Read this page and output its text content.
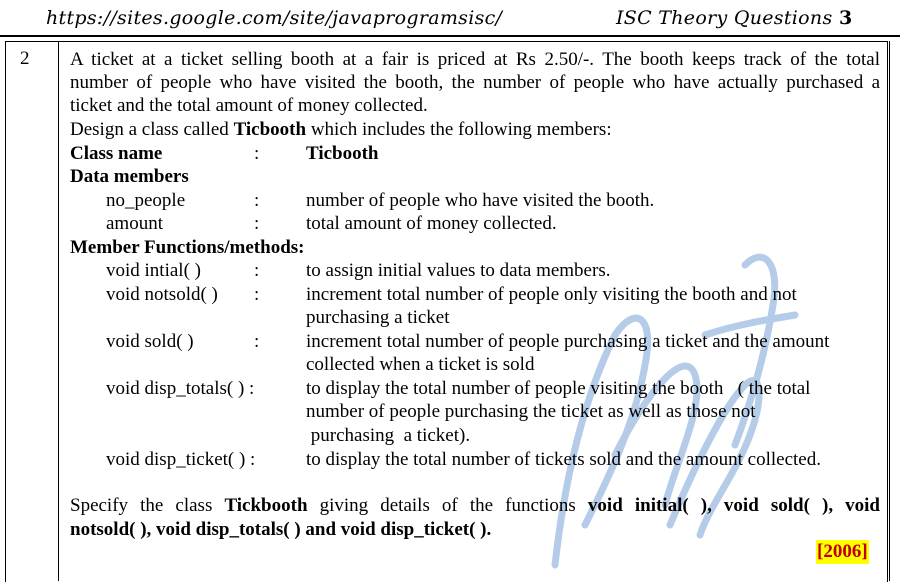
https://sites.google.com/site/javaprogramsisc/	ISC Theory Questions 3
2 A ticket at a ticket selling booth at a fair is priced at Rs 2.50/-. The booth keeps track of the total
number of people who have visited the booth, the number of people who have actually purchased a
ticket and the total amount of money collected.
Design a class called Ticbooth which includes the following members:
Class name	: Ticbooth
Data members
no_people	: number of people who have visited the booth.
amount	: total amount of money collected.
Member Functions/methods:
void intial( )	: to assign initial values to data members.
void notsold( ) : increment total number of people only visiting the booth and not
purchasing a ticket
void sold( )	: increment total number of people purchasing a ticket and the amount
collected when a ticket is sold
void disp_totals( ) :	to display the total number of people visiting the booth   ( the total
number of people purchasing the ticket as well as those not
purchasing  a ticket).
void disp_ticket( ) :	to display the total number of tickets sold and the amount collected.
Specify the class Tickbooth giving details of the functions void initial( ), void sold( ), void
notsold( ), void disp_totals( ) and void disp_ticket( ).
[2006]
